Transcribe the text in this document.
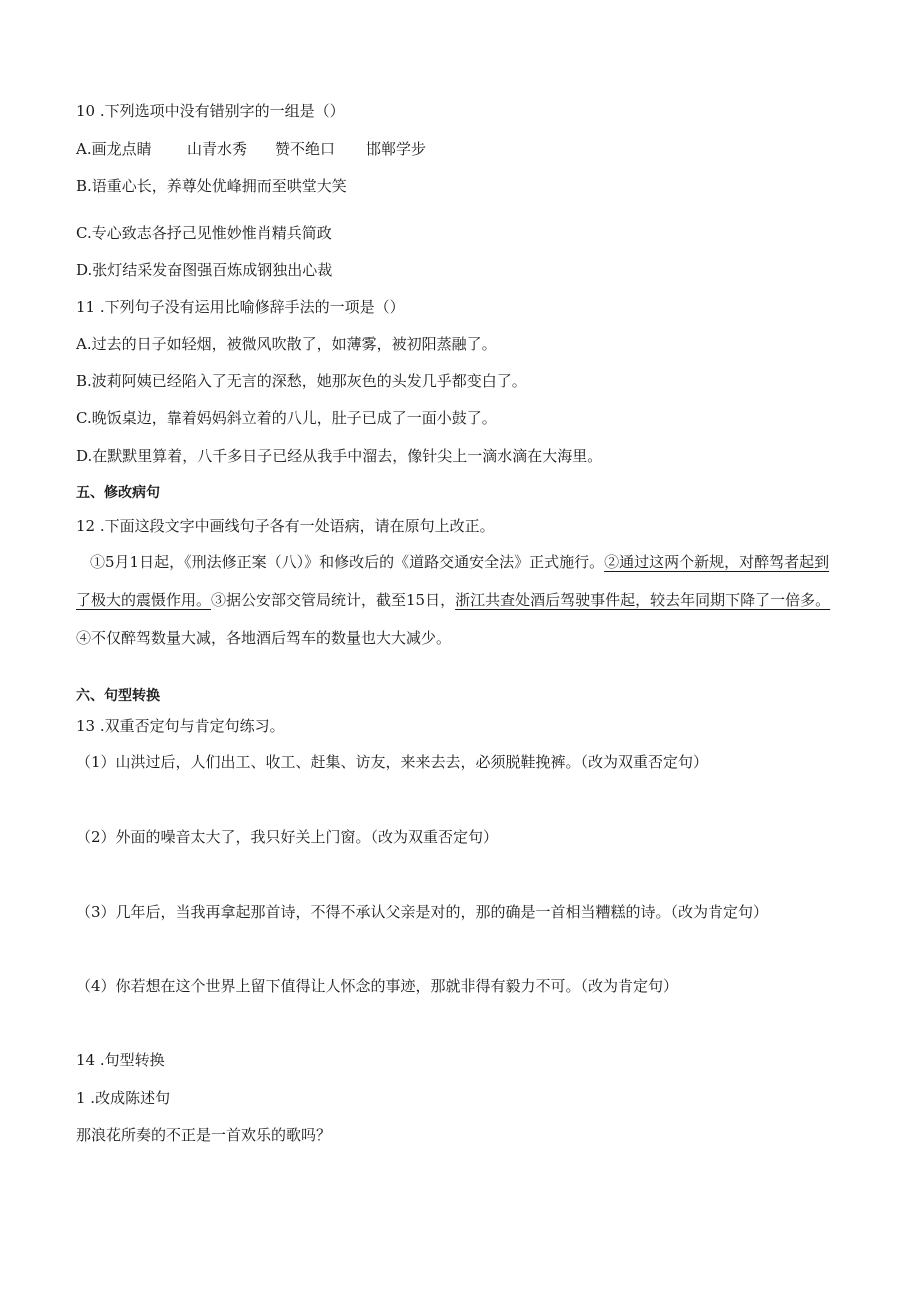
10 .下列选项中没有错别字的一组是（）
A.画龙点睛 山青水秀 赞不绝口 邯郸学步
B.语重心长，养尊处优峰拥而至哄堂大笑
C.专心致志各抒己见惟妙惟肖精兵简政
D.张灯结采发奋图强百炼成钢独出心裁
11 .下列句子没有运用比喻修辞手法的一项是（）
A.过去的日子如轻烟，被微风吹散了，如薄雾，被初阳蒸融了。
B.波莉阿姨已经陷入了无言的深愁，她那灰色的头发几乎都变白了。
C.晚饭桌边，靠着妈妈斜立着的八儿，肚子已成了一面小鼓了。
D.在默默里算着，八千多日子已经从我手中溜去，像针尖上一滴水滴在大海里。
五、修改病句
12 .下面这段文字中画线句子各有一处语病，请在原句上改正。
①5月1日起，《刑法修正案（八）》和修改后的《道路交通安全法》正式施行。②通过这两个新规，对醉驾者起到了极大的震慑作用。③据公安部交管局统计，截至15日，浙江共查处酒后驾驶事件起，较去年同期下降了一倍多。④不仅醉驾数量大减，各地酒后驾车的数量也大大减少。
六、句型转换
13 .双重否定句与肯定句练习。
（1）山洪过后，人们出工、收工、赶集、访友，来来去去，必须脱鞋挽裤。（改为双重否定句）
（2）外面的噪音太大了，我只好关上门窗。（改为双重否定句）
（3）几年后，当我再拿起那首诗，不得不承认父亲是对的，那的确是一首相当糟糕的诗。（改为肯定句）
（4）你若想在这个世界上留下值得让人怀念的事迹，那就非得有毅力不可。（改为肯定句）
14 .句型转换
1 .改成陈述句
那浪花所奏的不正是一首欢乐的歌吗？
